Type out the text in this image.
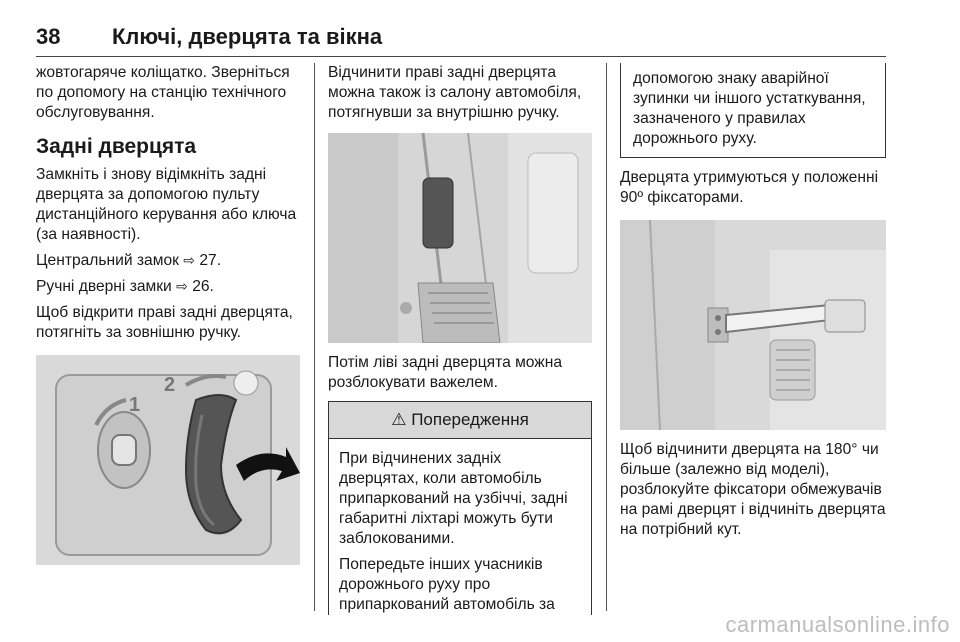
38 Ключі, дверцята та вікна

жовтогаряче коліщатко. Зверніться по допомогу на станцію технічного обслуговування.

Задні дверцята

Замкніть і знову відімкніть задні дверцята за допомогою пульту дистанційного керування або ключа (за наявності).

Центральний замок ⇨ 27.

Ручні дверні замки ⇨ 26.

Щоб відкрити праві задні дверцята, потягніть за зовнішню ручку.

1
2

Відчинити праві задні дверцята можна також із салону автомобіля, потягнувши за внутрішню ручку.

Потім ліві задні дверцята можна розблокувати важелем.

⚠ Попередження

При відчинених задніх дверцятах, коли автомобіль припаркований на узбіччі, задні габаритні ліхтарі можуть бути заблокованими.

Попередьте інших учасників дорожнього руху про припаркований автомобіль за

допомогою знаку аварійної зупинки чи іншого устаткування, зазначеного у правилах дорожнього руху.

Дверцята утримуються у положенні 90º фіксаторами.

Щоб відчинити дверцята на 180° чи більше (залежно від моделі), розблокуйте фіксатори обмежувачів на рамі дверцят і відчиніть дверцята на потрібний кут.

carmanualsonline.info
